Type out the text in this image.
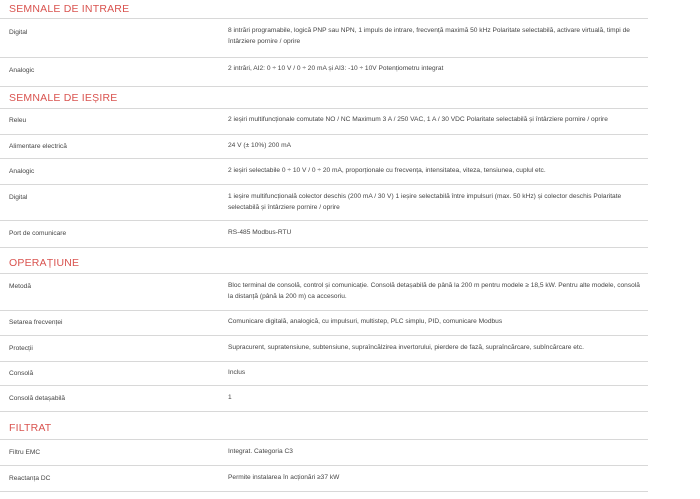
SEMNALE DE INTRARE
Digital	8 intrări programabile, logică PNP sau NPN, 1 impuls de intrare, frecvență maximă 50 kHz Polaritate selectabilă, activare virtuală, timpi de întârziere pornire / oprire
Analogic	2 intrări, AI2: 0 ÷ 10 V / 0 ÷ 20 mA și AI3: -10 ÷ 10V Potențiometru integrat
SEMNALE DE IEȘIRE
Releu	2 ieșiri multifuncționale comutate NO / NC Maximum 3 A / 250 VAC, 1 A / 30 VDC Polaritate selectabilă și întârziere pornire / oprire
Alimentare electrică	24 V (± 10%) 200 mA
Analogic	2 ieșiri selectabile 0 ÷ 10 V / 0 ÷ 20 mA, proporționale cu frecvența, intensitatea, viteza, tensiunea, cuplul etc.
Digital	1 ieșire multifuncțională colector deschis (200 mA / 30 V) 1 ieșire selectabilă între impulsuri (max. 50 kHz) și colector deschis Polaritate selectabilă și întârziere pornire / oprire
Port de comunicare	RS-485 Modbus-RTU
OPERAȚIUNE
Metodă	Bloc terminal de consolă, control și comunicație. Consolă detașabilă de până la 200 m pentru modele ≥ 18,5 kW. Pentru alte modele, consolă la distanță (până la 200 m) ca accesoriu.
Setarea frecvenței	Comunicare digitală, analogică, cu impulsuri, multistep, PLC simplu, PID, comunicare Modbus
Protecții	Supracurent, supratensiune, subtensiune, supraîncălzirea invertorului, pierdere de fază, supraîncărcare, subîncărcare etc.
Consolă	Inclus
Consolă detașabilă	1
FILTRAT
Filtru EMC	Integrat. Categoria C3
Reactanța DC	Permite instalarea în acționări ≥37 kW
